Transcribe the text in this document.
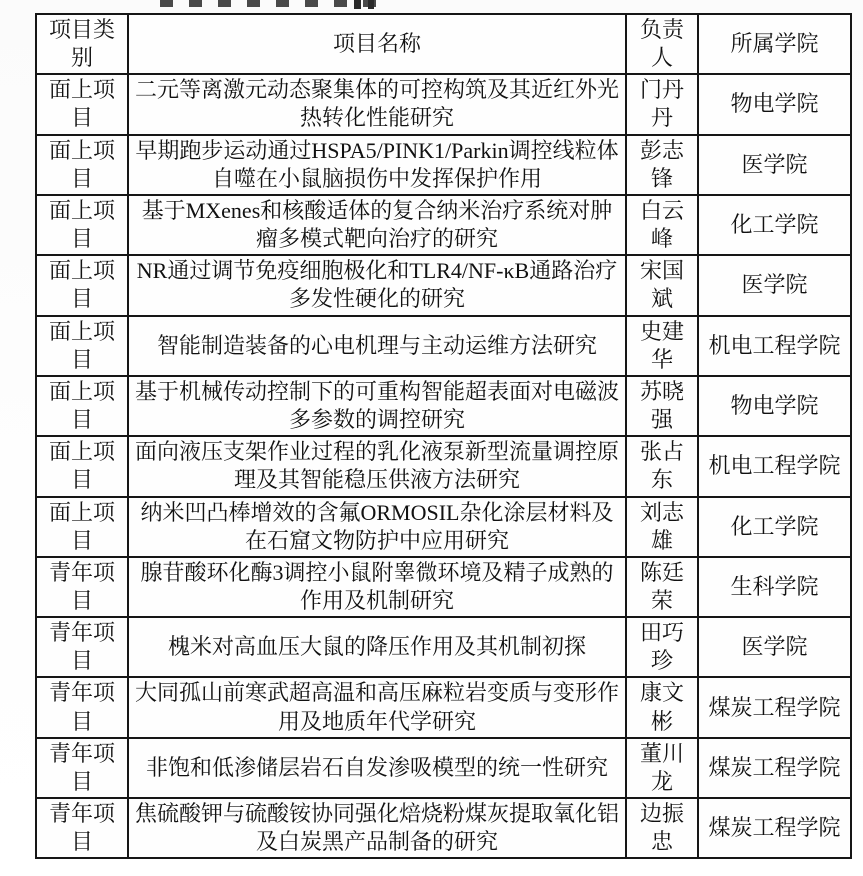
项目类别	项目名称	负责人	所属学院
面上项目	二元等离激元动态聚集体的可控构筑及其近红外光热转化性能研究	门丹丹	物电学院
面上项目	早期跑步运动通过HSPA5/PINK1/Parkin调控线粒体自噬在小鼠脑损伤中发挥保护作用	彭志锋	医学院
面上项目	基于MXenes和核酸适体的复合纳米治疗系统对肿瘤多模式靶向治疗的研究	白云峰	化工学院
面上项目	NR通过调节免疫细胞极化和TLR4/NF-κB通路治疗多发性硬化的研究	宋国斌	医学院
面上项目	智能制造装备的心电机理与主动运维方法研究	史建华	机电工程学院
面上项目	基于机械传动控制下的可重构智能超表面对电磁波多参数的调控研究	苏晓强	物电学院
面上项目	面向液压支架作业过程的乳化液泵新型流量调控原理及其智能稳压供液方法研究	张占东	机电工程学院
面上项目	纳米凹凸棒增效的含氟ORMOSIL杂化涂层材料及在石窟文物防护中应用研究	刘志雄	化工学院
青年项目	腺苷酸环化酶3调控小鼠附睾微环境及精子成熟的作用及机制研究	陈廷荣	生科学院
青年项目	槐米对高血压大鼠的降压作用及其机制初探	田巧珍	医学院
青年项目	大同孤山前寒武超高温和高压麻粒岩变质与变形作用及地质年代学研究	康文彬	煤炭工程学院
青年项目	非饱和低渗储层岩石自发渗吸模型的统一性研究	董川龙	煤炭工程学院
青年项目	焦硫酸钾与硫酸铵协同强化焙烧粉煤灰提取氧化铝及白炭黑产品制备的研究	边振忠	煤炭工程学院
